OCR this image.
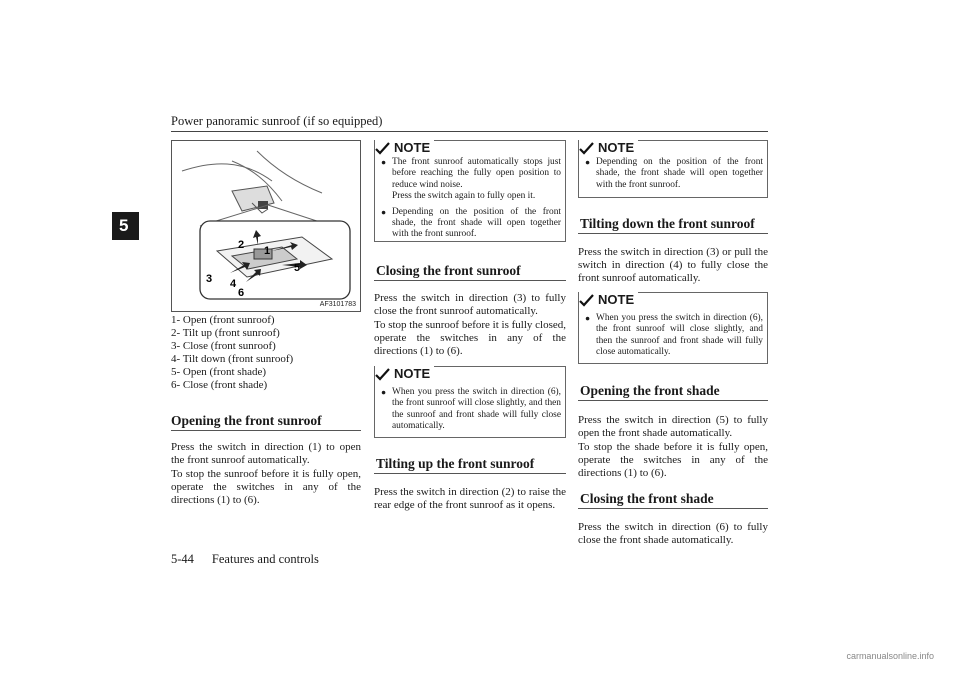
Power panoramic sunroof (if so equipped)
5
2 1
3 4
5
6
AF3101783
1- Open (front sunroof)
2- Tilt up (front sunroof)
3- Close (front sunroof)
4- Tilt down (front sunroof)
5- Open (front shade)
6- Close (front shade)
Opening the front sunroof
Press the switch in direction (1) to open the front sunroof automatically.
To stop the sunroof before it is fully open, operate the switches in any of the directions (1) to (6).
NOTE
● The front sunroof automatically stops just before reaching the fully open position to reduce wind noise.
Press the switch again to fully open it.
● Depending on the position of the front shade, the front shade will open together with the front sunroof.
Closing the front sunroof
Press the switch in direction (3) to fully close the front sunroof automatically.
To stop the sunroof before it is fully closed, operate the switches in any of the directions (1) to (6).
NOTE
● When you press the switch in direction (6), the front sunroof will close slightly, and then the sunroof and front shade will fully close automatically.
Tilting up the front sunroof
Press the switch in direction (2) to raise the rear edge of the front sunroof as it opens.
NOTE
● Depending on the position of the front shade, the front shade will open together with the front sunroof.
Tilting down the front sunroof
Press the switch in direction (3) or pull the switch in direction (4) to fully close the front sunroof automatically.
NOTE
● When you press the switch in direction (6), the front sunroof will close slightly, and then the sunroof and front shade will fully close automatically.
Opening the front shade
Press the switch in direction (5) to fully open the front shade automatically.
To stop the shade before it is fully open, operate the switches in any of the directions (1) to (6).
Closing the front shade
Press the switch in direction (6) to fully close the front shade automatically.
5-44 Features and controls
carmanualsonline.info
